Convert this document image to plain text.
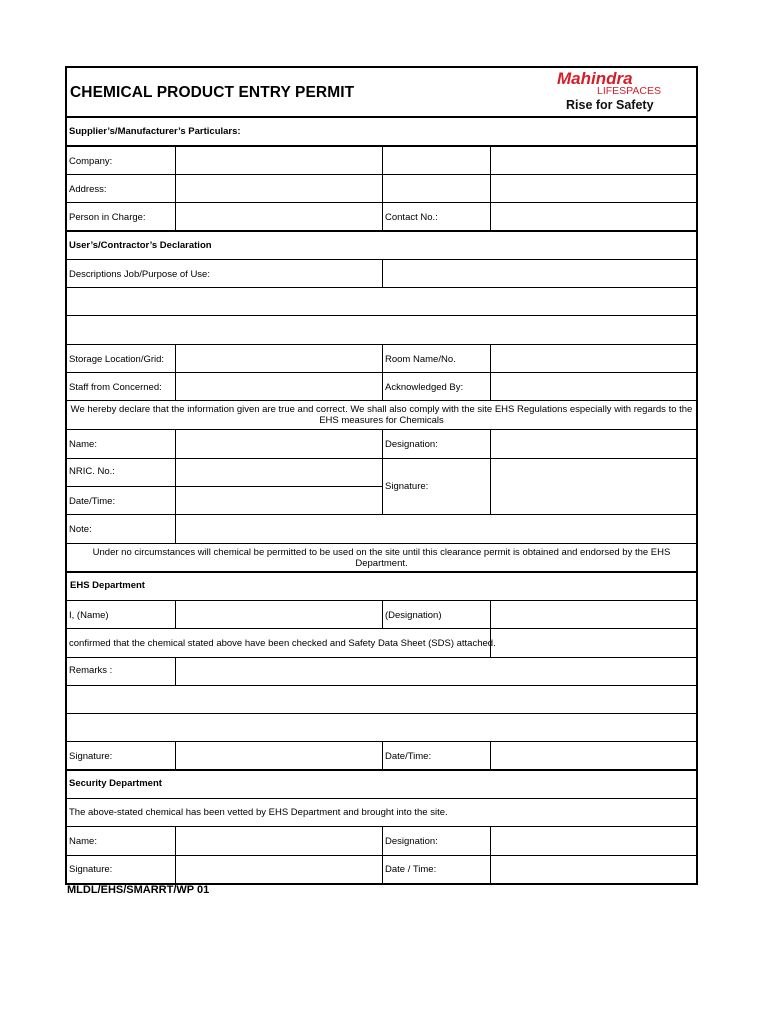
CHEMICAL PRODUCT ENTRY PERMIT
Mahindra
LIFESPACES
Rise for Safety
Supplier’s/Manufacturer’s Particulars:
Company:
Address:
Person in Charge:	Contact No.:
User’s/Contractor’s Declaration
Descriptions Job/Purpose of Use:
Storage Location/Grid:	Room Name/No.
Staff from Concerned:	Acknowledged By:
We hereby declare that the information given are true and correct. We shall also comply with the site EHS Regulations especially with regards to the EHS measures for Chemicals
Name:	Designation:
NRIC. No.:
Date/Time:
Signature:
Note:
Under no circumstances will chemical be permitted to be used on the site until this clearance permit is obtained and endorsed by the EHS Department.
EHS Department
I, (Name)	(Designation)
confirmed that the chemical stated above have been checked and Safety Data Sheet (SDS) attached.
Remarks :
Signature:	Date/Time:
Security Department
The above-stated chemical has been vetted by EHS Department and brought into the site.
Name:	Designation:
Signature:	Date / Time:
MLDL/EHS/SMARRT/WP 01
